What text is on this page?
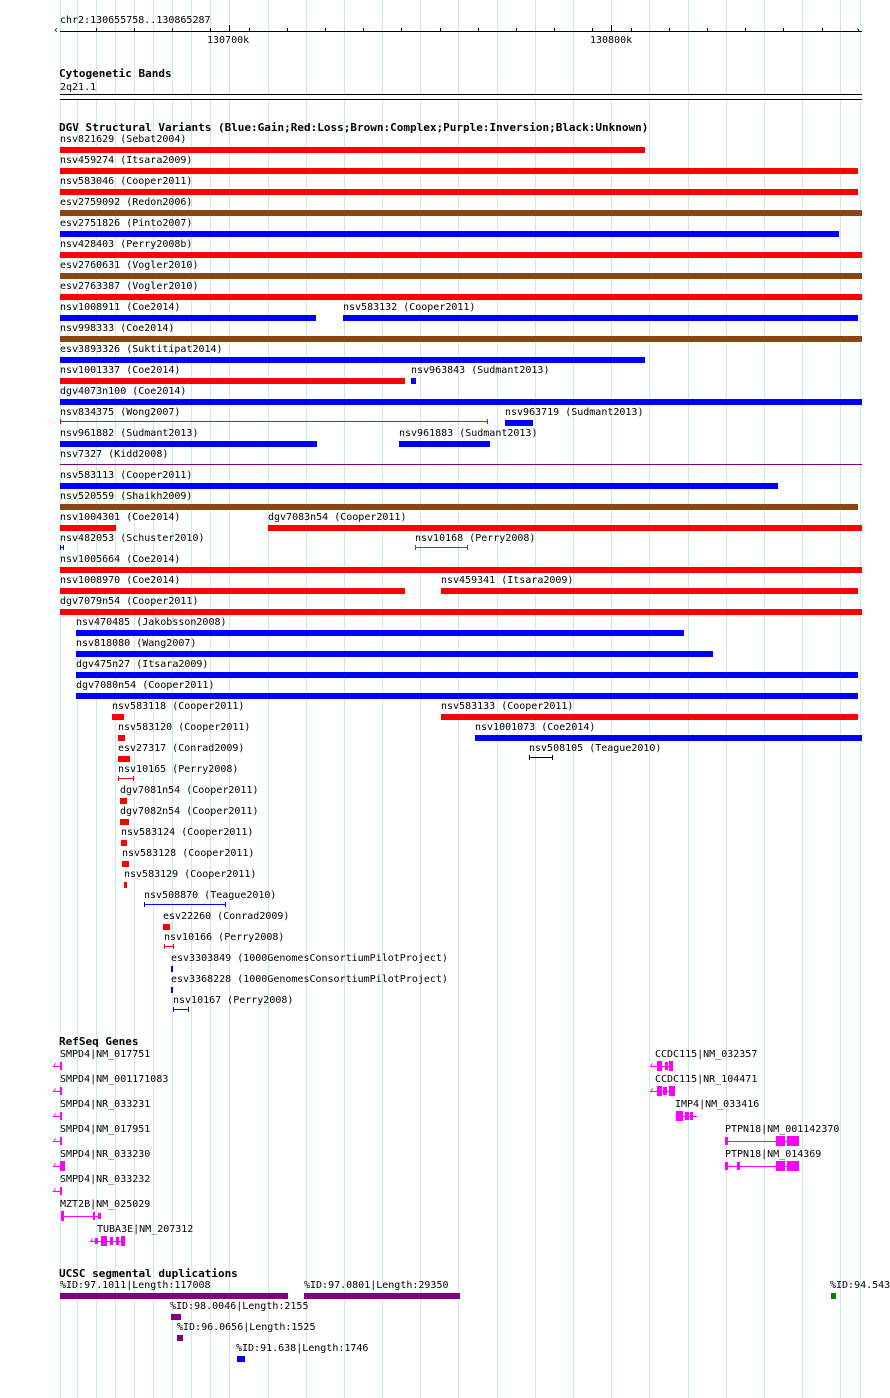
chr2:130655758..130865287
‹	›
130700k	130800k
Cytogenetic Bands
2q21.1
DGV Structural Variants (Blue:Gain;Red:Loss;Brown:Complex;Purple:Inversion;Black:Unknown)
nsv821629 (Sebat2004)
nsv459274 (Itsara2009)
nsv583046 (Cooper2011)
esv2759092 (Redon2006)
esv2751826 (Pinto2007)
nsv428403 (Perry2008b)
esv2760631 (Vogler2010)
esv2763387 (Vogler2010)
nsv1008911 (Coe2014)	nsv583132 (Cooper2011)
nsv998333 (Coe2014)
esv3893326 (Suktitipat2014)
nsv1001337 (Coe2014)	nsv963843 (Sudmant2013)
dgv4073n100 (Coe2014)
nsv834375 (Wong2007)	nsv963719 (Sudmant2013)
nsv961882 (Sudmant2013)	nsv961883 (Sudmant2013)
nsv7327 (Kidd2008)
nsv583113 (Cooper2011)
nsv520559 (Shaikh2009)
nsv1004301 (Coe2014)	dgv7083n54 (Cooper2011)
nsv482053 (Schuster2010)	nsv10168 (Perry2008)
nsv1005664 (Coe2014)
nsv1008970 (Coe2014)	nsv459341 (Itsara2009)
dgv7079n54 (Cooper2011)
nsv470485 (Jakobsson2008)
nsv818080 (Wang2007)
dgv475n27 (Itsara2009)
dgv7080n54 (Cooper2011)
nsv583118 (Cooper2011)	nsv583133 (Cooper2011)
nsv583120 (Cooper2011)	nsv1001073 (Coe2014)
esv27317 (Conrad2009)	nsv508105 (Teague2010)
nsv10165 (Perry2008)
dgv7081n54 (Cooper2011)
dgv7082n54 (Cooper2011)
nsv583124 (Cooper2011)
nsv583128 (Cooper2011)
nsv583129 (Cooper2011)
nsv508870 (Teague2010)
esv22260 (Conrad2009)
nsv10166 (Perry2008)
esv3303849 (1000GenomesConsortiumPilotProject)
esv3368228 (1000GenomesConsortiumPilotProject)
nsv10167 (Perry2008)
RefSeq Genes
SMPD4|NM_017751
‹
SMPD4|NM_001171083
‹
SMPD4|NR_033231
‹
SMPD4|NM_017951
‹
SMPD4|NR_033230
‹
SMPD4|NR_033232
‹
MZT2B|NM_025029
TUBA3E|NM_207312
‹
CCDC115|NM_032357
‹
CCDC115|NR_104471
‹
IMP4|NM_033416
PTPN18|NM_001142370
PTPN18|NM_014369
UCSC segmental duplications
%ID:97.1011|Length:117008	%ID:97.0801|Length:29350	%ID:94.543
%ID:98.0046|Length:2155
%ID:96.0656|Length:1525
%ID:91.638|Length:1746
